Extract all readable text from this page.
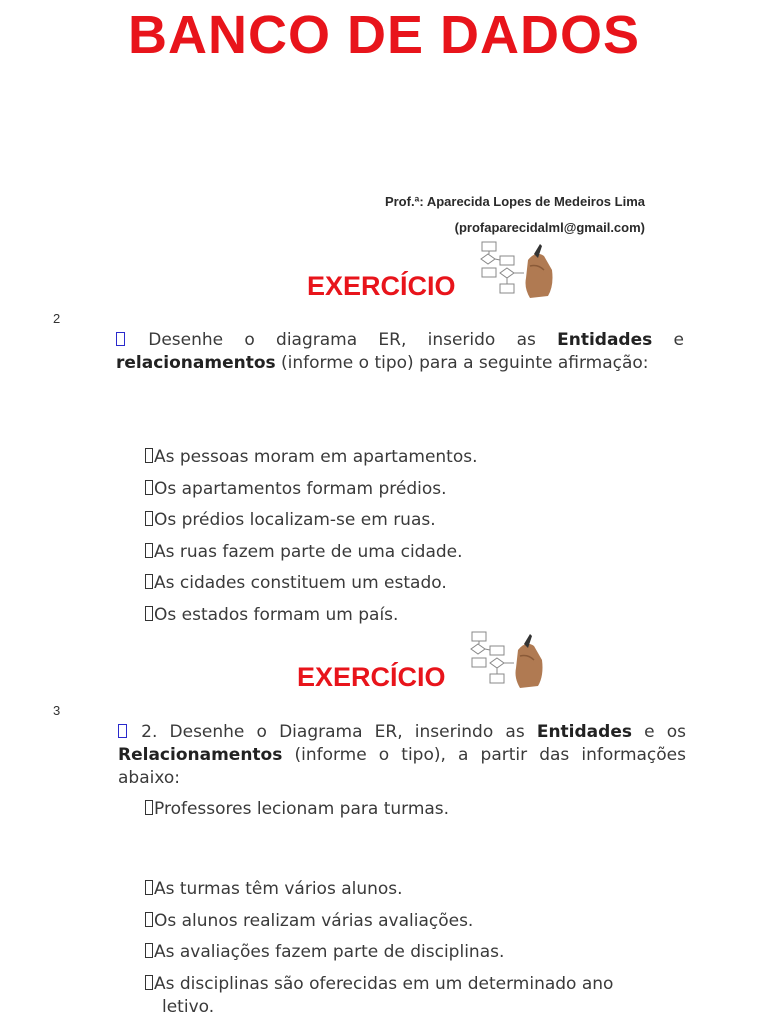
BANCO DE DADOS
Prof.ª: Aparecida Lopes de Medeiros Lima
(profaparecidalml@gmail.com)
EXERCÍCIO
2
Desenhe o diagrama ER, inserido as Entidades e relacionamentos (informe o tipo) para a seguinte afirmação:
As pessoas moram em apartamentos.
Os apartamentos formam prédios.
Os prédios localizam-se em ruas.
As ruas fazem parte de uma cidade.
As cidades constituem um estado.
Os estados formam um país.
EXERCÍCIO
3
2. Desenhe o Diagrama ER, inserindo as Entidades e os Relacionamentos (informe o tipo), a partir das informações abaixo:
Professores lecionam para turmas.
As turmas têm vários alunos.
Os alunos realizam várias avaliações.
As avaliações fazem parte de disciplinas.
As disciplinas são oferecidas em um determinado ano
letivo.
